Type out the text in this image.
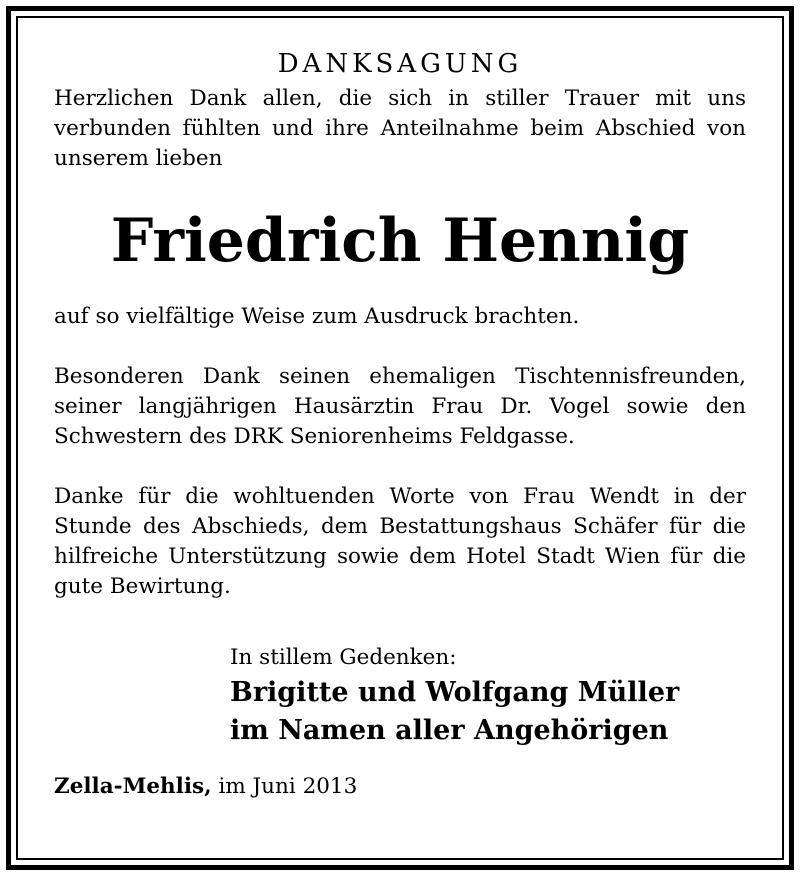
DANKSAGUNG

Herzlichen Dank allen, die sich in stiller Trauer mit uns verbunden fühlten und ihre Anteilnahme beim Abschied von unserem lieben

Friedrich Hennig

auf so vielfältige Weise zum Ausdruck brachten.

Besonderen Dank seinen ehemaligen Tischtennisfreunden, seiner langjährigen Hausärztin Frau Dr. Vogel sowie den Schwestern des DRK Seniorenheims Feldgasse.

Danke für die wohltuenden Worte von Frau Wendt in der Stunde des Abschieds, dem Bestattungshaus Schäfer für die hilfreiche Unterstützung sowie dem Hotel Stadt Wien für die gute Bewirtung.

In stillem Gedenken:
Brigitte und Wolfgang Müller
im Namen aller Angehörigen
Zella-Mehlis, im Juni 2013
